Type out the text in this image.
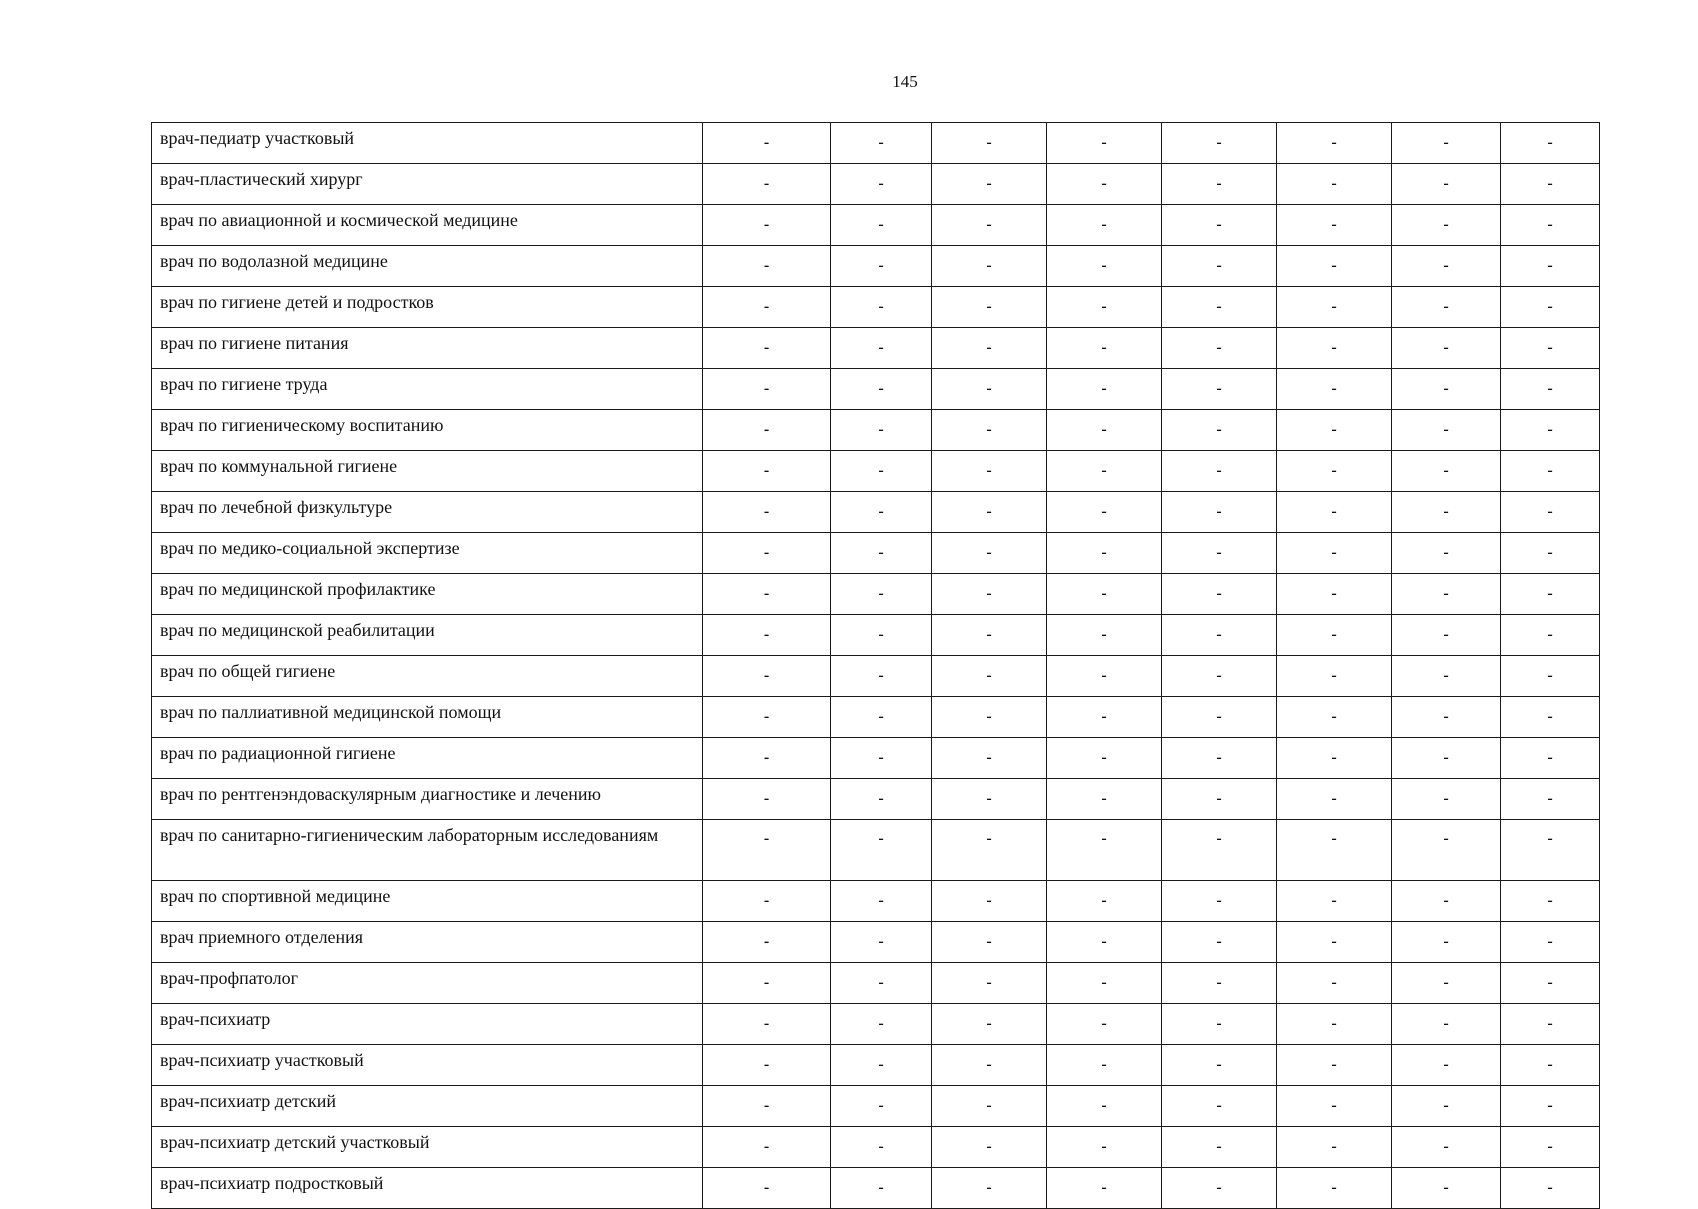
145
врач-педиатр участковый	-	-	-	-	-	-	-	-
врач-пластический хирург	-	-	-	-	-	-	-	-
врач по авиационной и космической медицине	-	-	-	-	-	-	-	-
врач по водолазной медицине	-	-	-	-	-	-	-	-
врач по гигиене детей и подростков	-	-	-	-	-	-	-	-
врач по гигиене питания	-	-	-	-	-	-	-	-
врач по гигиене труда	-	-	-	-	-	-	-	-
врач по гигиеническому воспитанию	-	-	-	-	-	-	-	-
врач по коммунальной гигиене	-	-	-	-	-	-	-	-
врач по лечебной физкультуре	-	-	-	-	-	-	-	-
врач по медико-социальной экспертизе	-	-	-	-	-	-	-	-
врач по медицинской профилактике	-	-	-	-	-	-	-	-
врач по медицинской реабилитации	-	-	-	-	-	-	-	-
врач по общей гигиене	-	-	-	-	-	-	-	-
врач по паллиативной медицинской помощи	-	-	-	-	-	-	-	-
врач по радиационной гигиене	-	-	-	-	-	-	-	-
врач по рентгенэндоваскулярным диагностике и лечению	-	-	-	-	-	-	-	-
врач по санитарно-гигиеническим лабораторным исследованиям	-	-	-	-	-	-	-	-
врач по спортивной медицине	-	-	-	-	-	-	-	-
врач приемного отделения	-	-	-	-	-	-	-	-
врач-профпатолог	-	-	-	-	-	-	-	-
врач-психиатр	-	-	-	-	-	-	-	-
врач-психиатр участковый	-	-	-	-	-	-	-	-
врач-психиатр детский	-	-	-	-	-	-	-	-
врач-психиатр детский участковый	-	-	-	-	-	-	-	-
врач-психиатр подростковый	-	-	-	-	-	-	-	-
